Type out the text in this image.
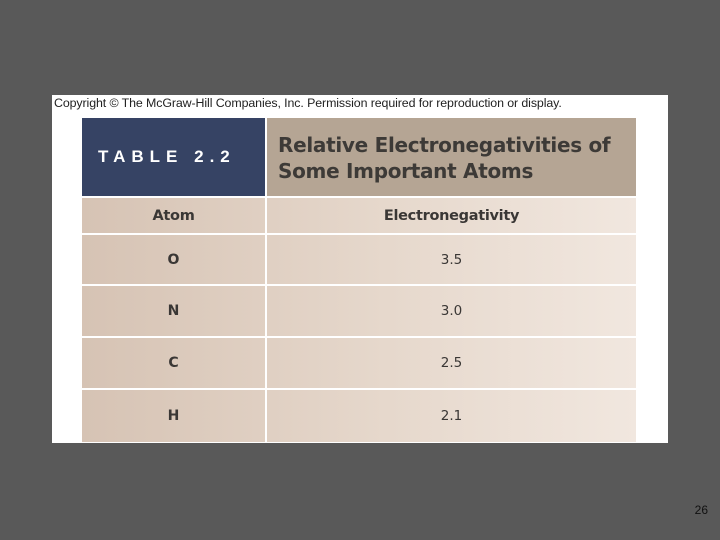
Copyright © The McGraw-Hill Companies, Inc. Permission required for reproduction or display.
TABLE 2.2 Relative Electronegativities of
Some Important Atoms
Atom	Electronegativity
O	3.5
N	3.0
C	2.5
H	2.1
26
